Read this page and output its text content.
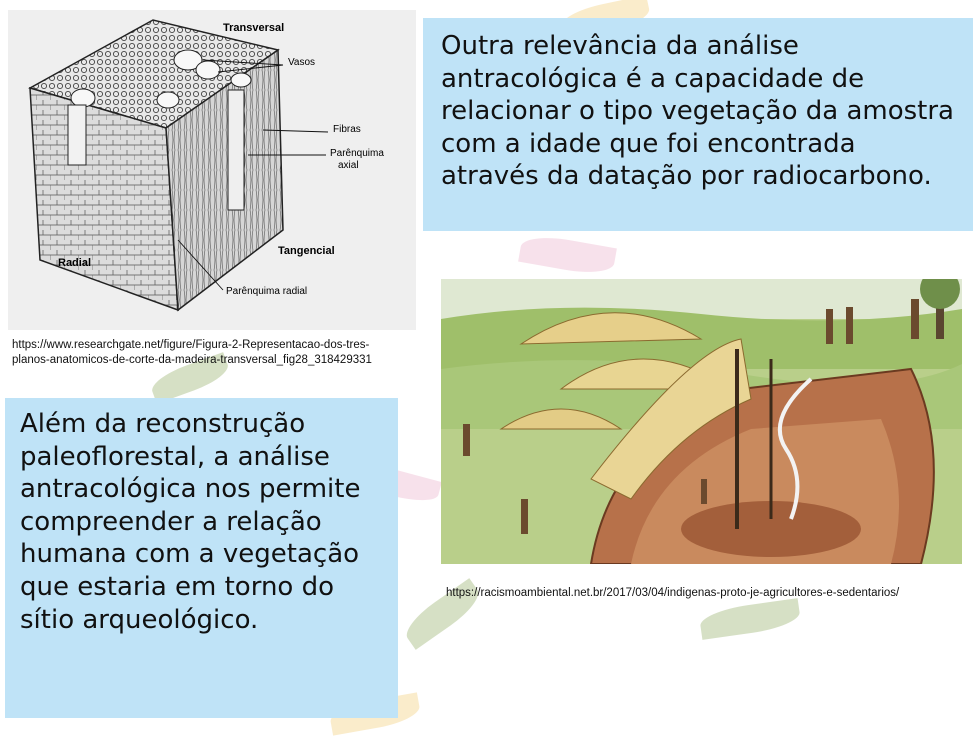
Transversal
Vasos
Fibras
Parênquima
axial
Tangencial
Radial
Parênquima radial
https://www.researchgate.net/figure/Figura-2-Representacao-dos-tres-
planos-anatomicos-de-corte-da-madeira-transversal_fig28_318429331

Outra relevância da análise antracológica é a capacidade de relacionar o tipo vegetação da amostra com a idade que foi encontrada através da datação por radiocarbono.

https://racismoambiental.net.br/2017/03/04/indigenas-proto-je-agricultores-e-sedentarios/

Além da reconstrução paleoflorestal, a análise antracológica nos permite compreender a relação humana com a vegetação que estaria em torno do sítio arqueológico.
